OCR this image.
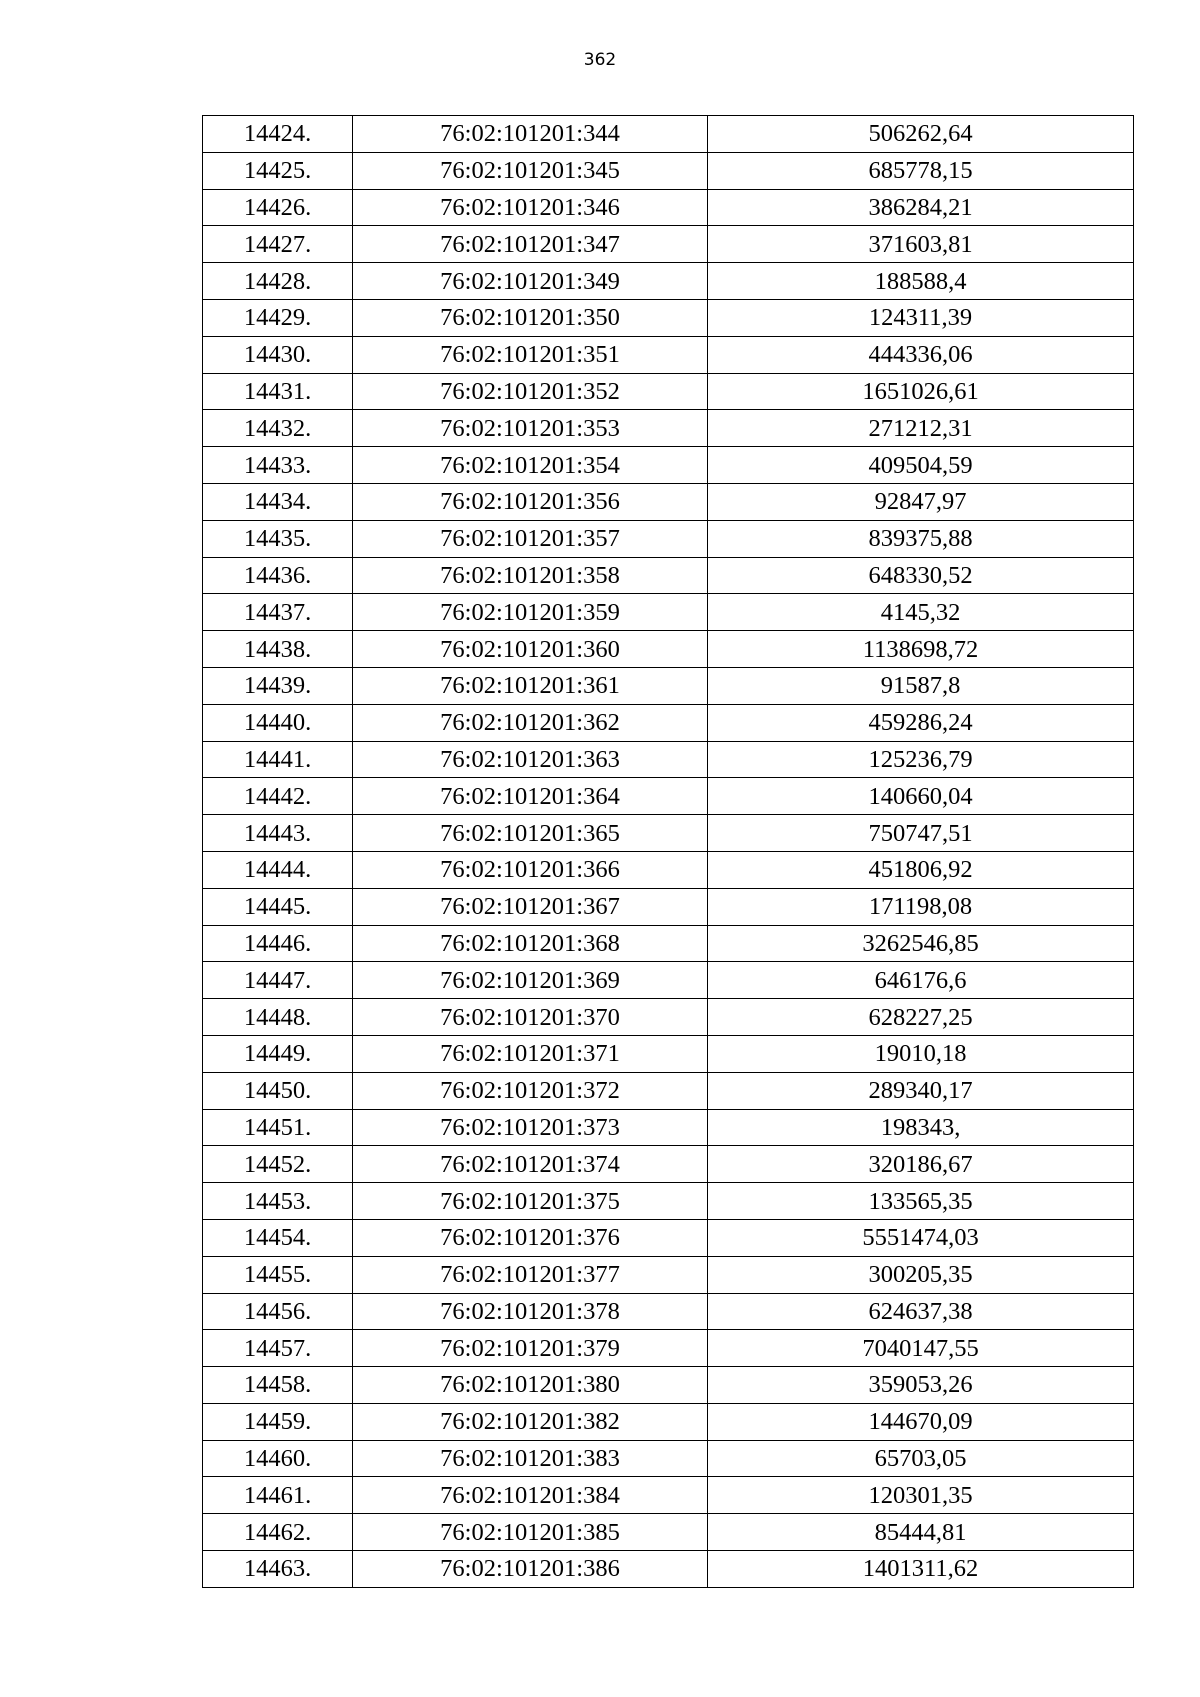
362
14424.	76:02:101201:344	506262,64
14425.	76:02:101201:345	685778,15
14426.	76:02:101201:346	386284,21
14427.	76:02:101201:347	371603,81
14428.	76:02:101201:349	188588,4
14429.	76:02:101201:350	124311,39
14430.	76:02:101201:351	444336,06
14431.	76:02:101201:352	1651026,61
14432.	76:02:101201:353	271212,31
14433.	76:02:101201:354	409504,59
14434.	76:02:101201:356	92847,97
14435.	76:02:101201:357	839375,88
14436.	76:02:101201:358	648330,52
14437.	76:02:101201:359	4145,32
14438.	76:02:101201:360	1138698,72
14439.	76:02:101201:361	91587,8
14440.	76:02:101201:362	459286,24
14441.	76:02:101201:363	125236,79
14442.	76:02:101201:364	140660,04
14443.	76:02:101201:365	750747,51
14444.	76:02:101201:366	451806,92
14445.	76:02:101201:367	171198,08
14446.	76:02:101201:368	3262546,85
14447.	76:02:101201:369	646176,6
14448.	76:02:101201:370	628227,25
14449.	76:02:101201:371	19010,18
14450.	76:02:101201:372	289340,17
14451.	76:02:101201:373	198343,
14452.	76:02:101201:374	320186,67
14453.	76:02:101201:375	133565,35
14454.	76:02:101201:376	5551474,03
14455.	76:02:101201:377	300205,35
14456.	76:02:101201:378	624637,38
14457.	76:02:101201:379	7040147,55
14458.	76:02:101201:380	359053,26
14459.	76:02:101201:382	144670,09
14460.	76:02:101201:383	65703,05
14461.	76:02:101201:384	120301,35
14462.	76:02:101201:385	85444,81
14463.	76:02:101201:386	1401311,62
